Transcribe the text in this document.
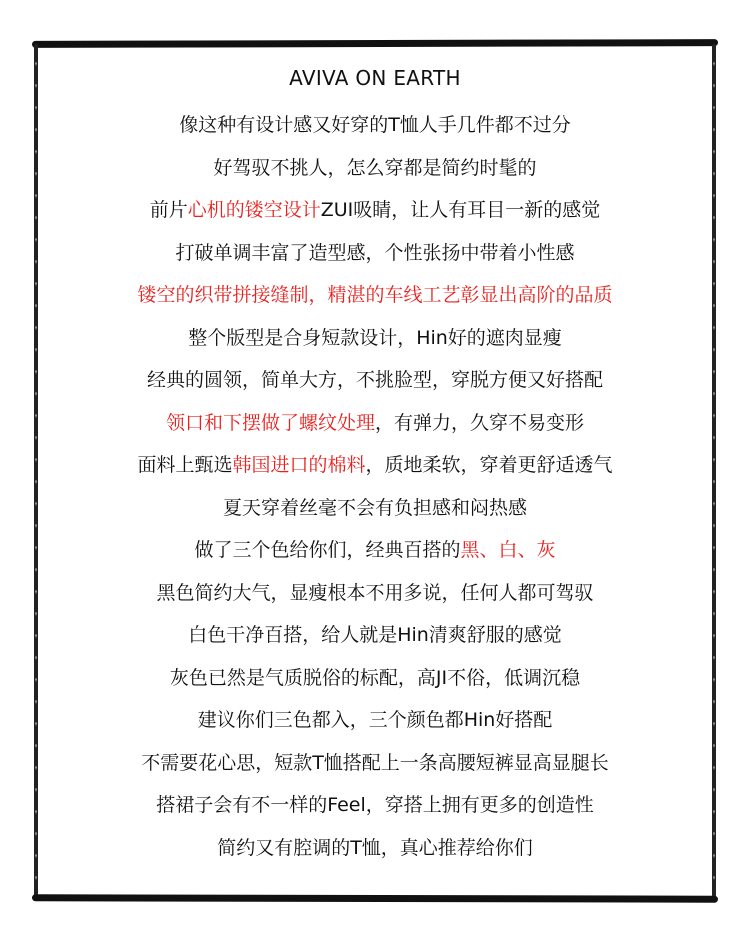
AVIVA ON EARTH
像这种有设计感又好穿的T恤人手几件都不过分
好驾驭不挑人，怎么穿都是简约时髦的
前片心机的镂空设计ZUI吸睛，让人有耳目一新的感觉
打破单调丰富了造型感，个性张扬中带着小性感
镂空的织带拼接缝制，精湛的车线工艺彰显出高阶的品质
整个版型是合身短款设计，Hin好的遮肉显瘦
经典的圆领，简单大方，不挑脸型，穿脱方便又好搭配
领口和下摆做了螺纹处理，有弹力，久穿不易变形
面料上甄选韩国进口的棉料，质地柔软，穿着更舒适透气
夏天穿着丝毫不会有负担感和闷热感
做了三个色给你们，经典百搭的黑、白、灰
黑色简约大气，显瘦根本不用多说，任何人都可驾驭
白色干净百搭，给人就是Hin清爽舒服的感觉
灰色已然是气质脱俗的标配，高JI不俗，低调沉稳
建议你们三色都入，三个颜色都Hin好搭配
不需要花心思，短款T恤搭配上一条高腰短裤显高显腿长
搭裙子会有不一样的Feel，穿搭上拥有更多的创造性
简约又有腔调的T恤，真心推荐给你们
